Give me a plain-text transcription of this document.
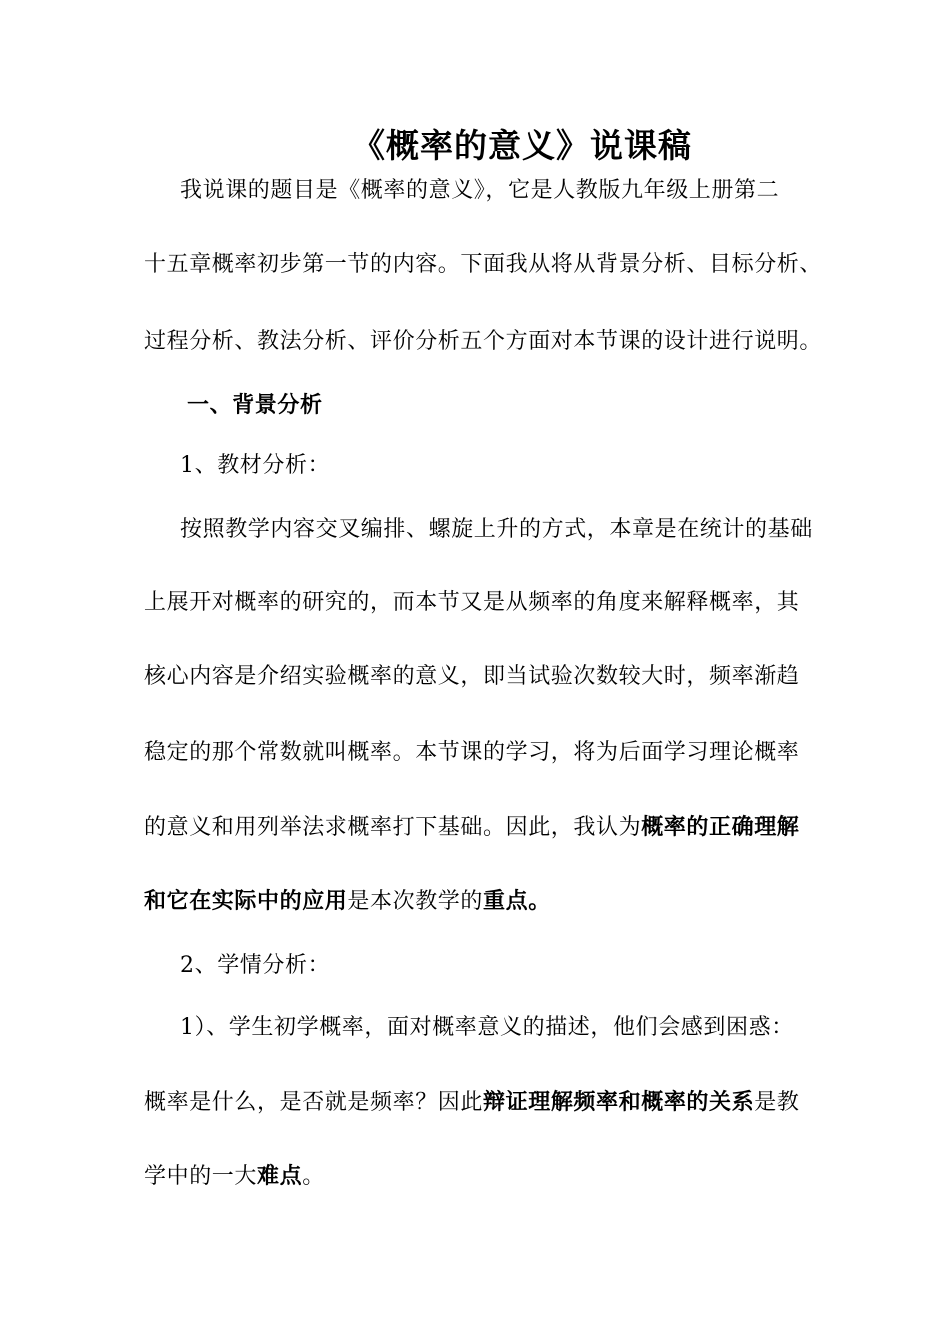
《概率的意义》说课稿
我说课的题目是《概率的意义》，它是人教版九年级上册第二
十五章概率初步第一节的内容。下面我从将从背景分析、目标分析、
过程分析、教法分析、评价分析五个方面对本节课的设计进行说明。
一、背景分析
1、教材分析：
按照教学内容交叉编排、螺旋上升的方式，本章是在统计的基础
上展开对概率的研究的，而本节又是从频率的角度来解释概率，其
核心内容是介绍实验概率的意义，即当试验次数较大时，频率渐趋
稳定的那个常数就叫概率。本节课的学习，将为后面学习理论概率
的意义和用列举法求概率打下基础。因此，我认为概率的正确理解
和它在实际中的应用是本次教学的重点。
2、学情分析：
1）、学生初学概率，面对概率意义的描述，他们会感到困惑：
概率是什么，是否就是频率？因此辩证理解频率和概率的关系是教
学中的一大难点。
